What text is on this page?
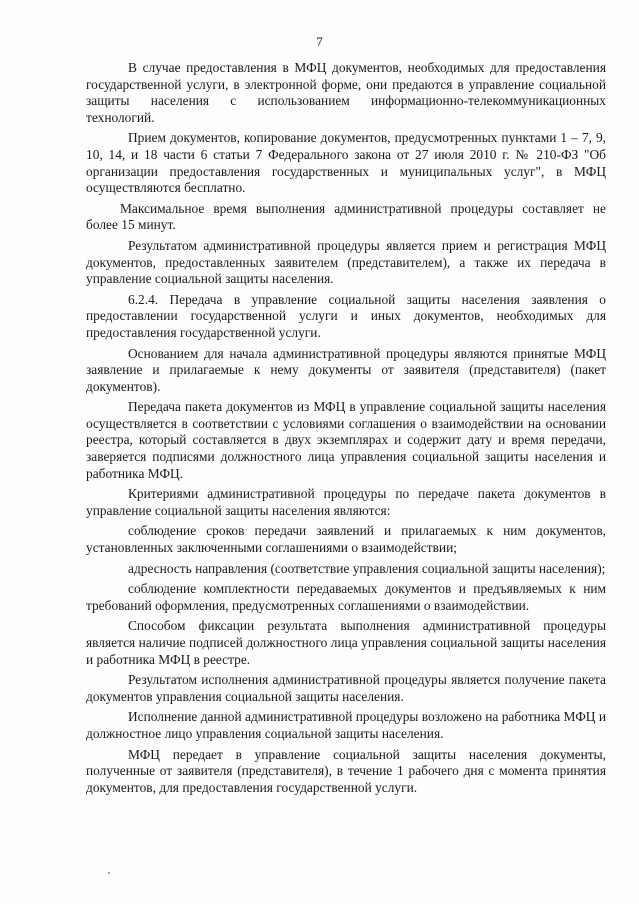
7

В случае предоставления в МФЦ документов, необходимых для предоставления государственной услуги, в электронной форме, они предаются в управление социальной защиты населения с использованием информационно-телекоммуникационных технологий.

Прием документов, копирование документов, предусмотренных пунктами 1 – 7, 9, 10, 14, и 18 части 6 статьи 7 Федерального закона от 27 июля 2010 г. № 210-ФЗ "Об организации предоставления государственных и муниципальных услуг", в МФЦ осуществляются бесплатно.

Максимальное время выполнения административной процедуры составляет не более 15 минут.

Результатом административной процедуры является прием и регистрация МФЦ документов, предоставленных заявителем (представителем), а также их передача в управление социальной защиты населения.

6.2.4. Передача в управление социальной защиты населения заявления о предоставлении государственной услуги и иных документов, необходимых для предоставления государственной услуги.

Основанием для начала административной процедуры являются принятые МФЦ заявление и прилагаемые к нему документы от заявителя (представителя) (пакет документов).

Передача пакета документов из МФЦ в управление социальной защиты населения осуществляется в соответствии с условиями соглашения о взаимодействии на основании реестра, который составляется в двух экземплярах и содержит дату и время передачи, заверяется подписями должностного лица управления социальной защиты населения и работника МФЦ.

Критериями административной процедуры по передаче пакета документов в управление социальной защиты населения являются:

соблюдение сроков передачи заявлений и прилагаемых к ним документов, установленных заключенными соглашениями о взаимодействии;

адресность направления (соответствие управления социальной защиты населения);

соблюдение комплектности передаваемых документов и предъявляемых к ним требований оформления, предусмотренных соглашениями о взаимодействии.

Способом фиксации результата выполнения административной процедуры является наличие подписей должностного лица управления социальной защиты населения и работника МФЦ в реестре.

Результатом исполнения административной процедуры является получение пакета документов управления социальной защиты населения.

Исполнение данной административной процедуры возложено на работника МФЦ и должностное лицо управления социальной защиты населения.

МФЦ передает в управление социальной защиты населения документы, полученные от заявителя (представителя), в течение 1 рабочего дня с момента принятия документов, для предоставления государственной услуги.
